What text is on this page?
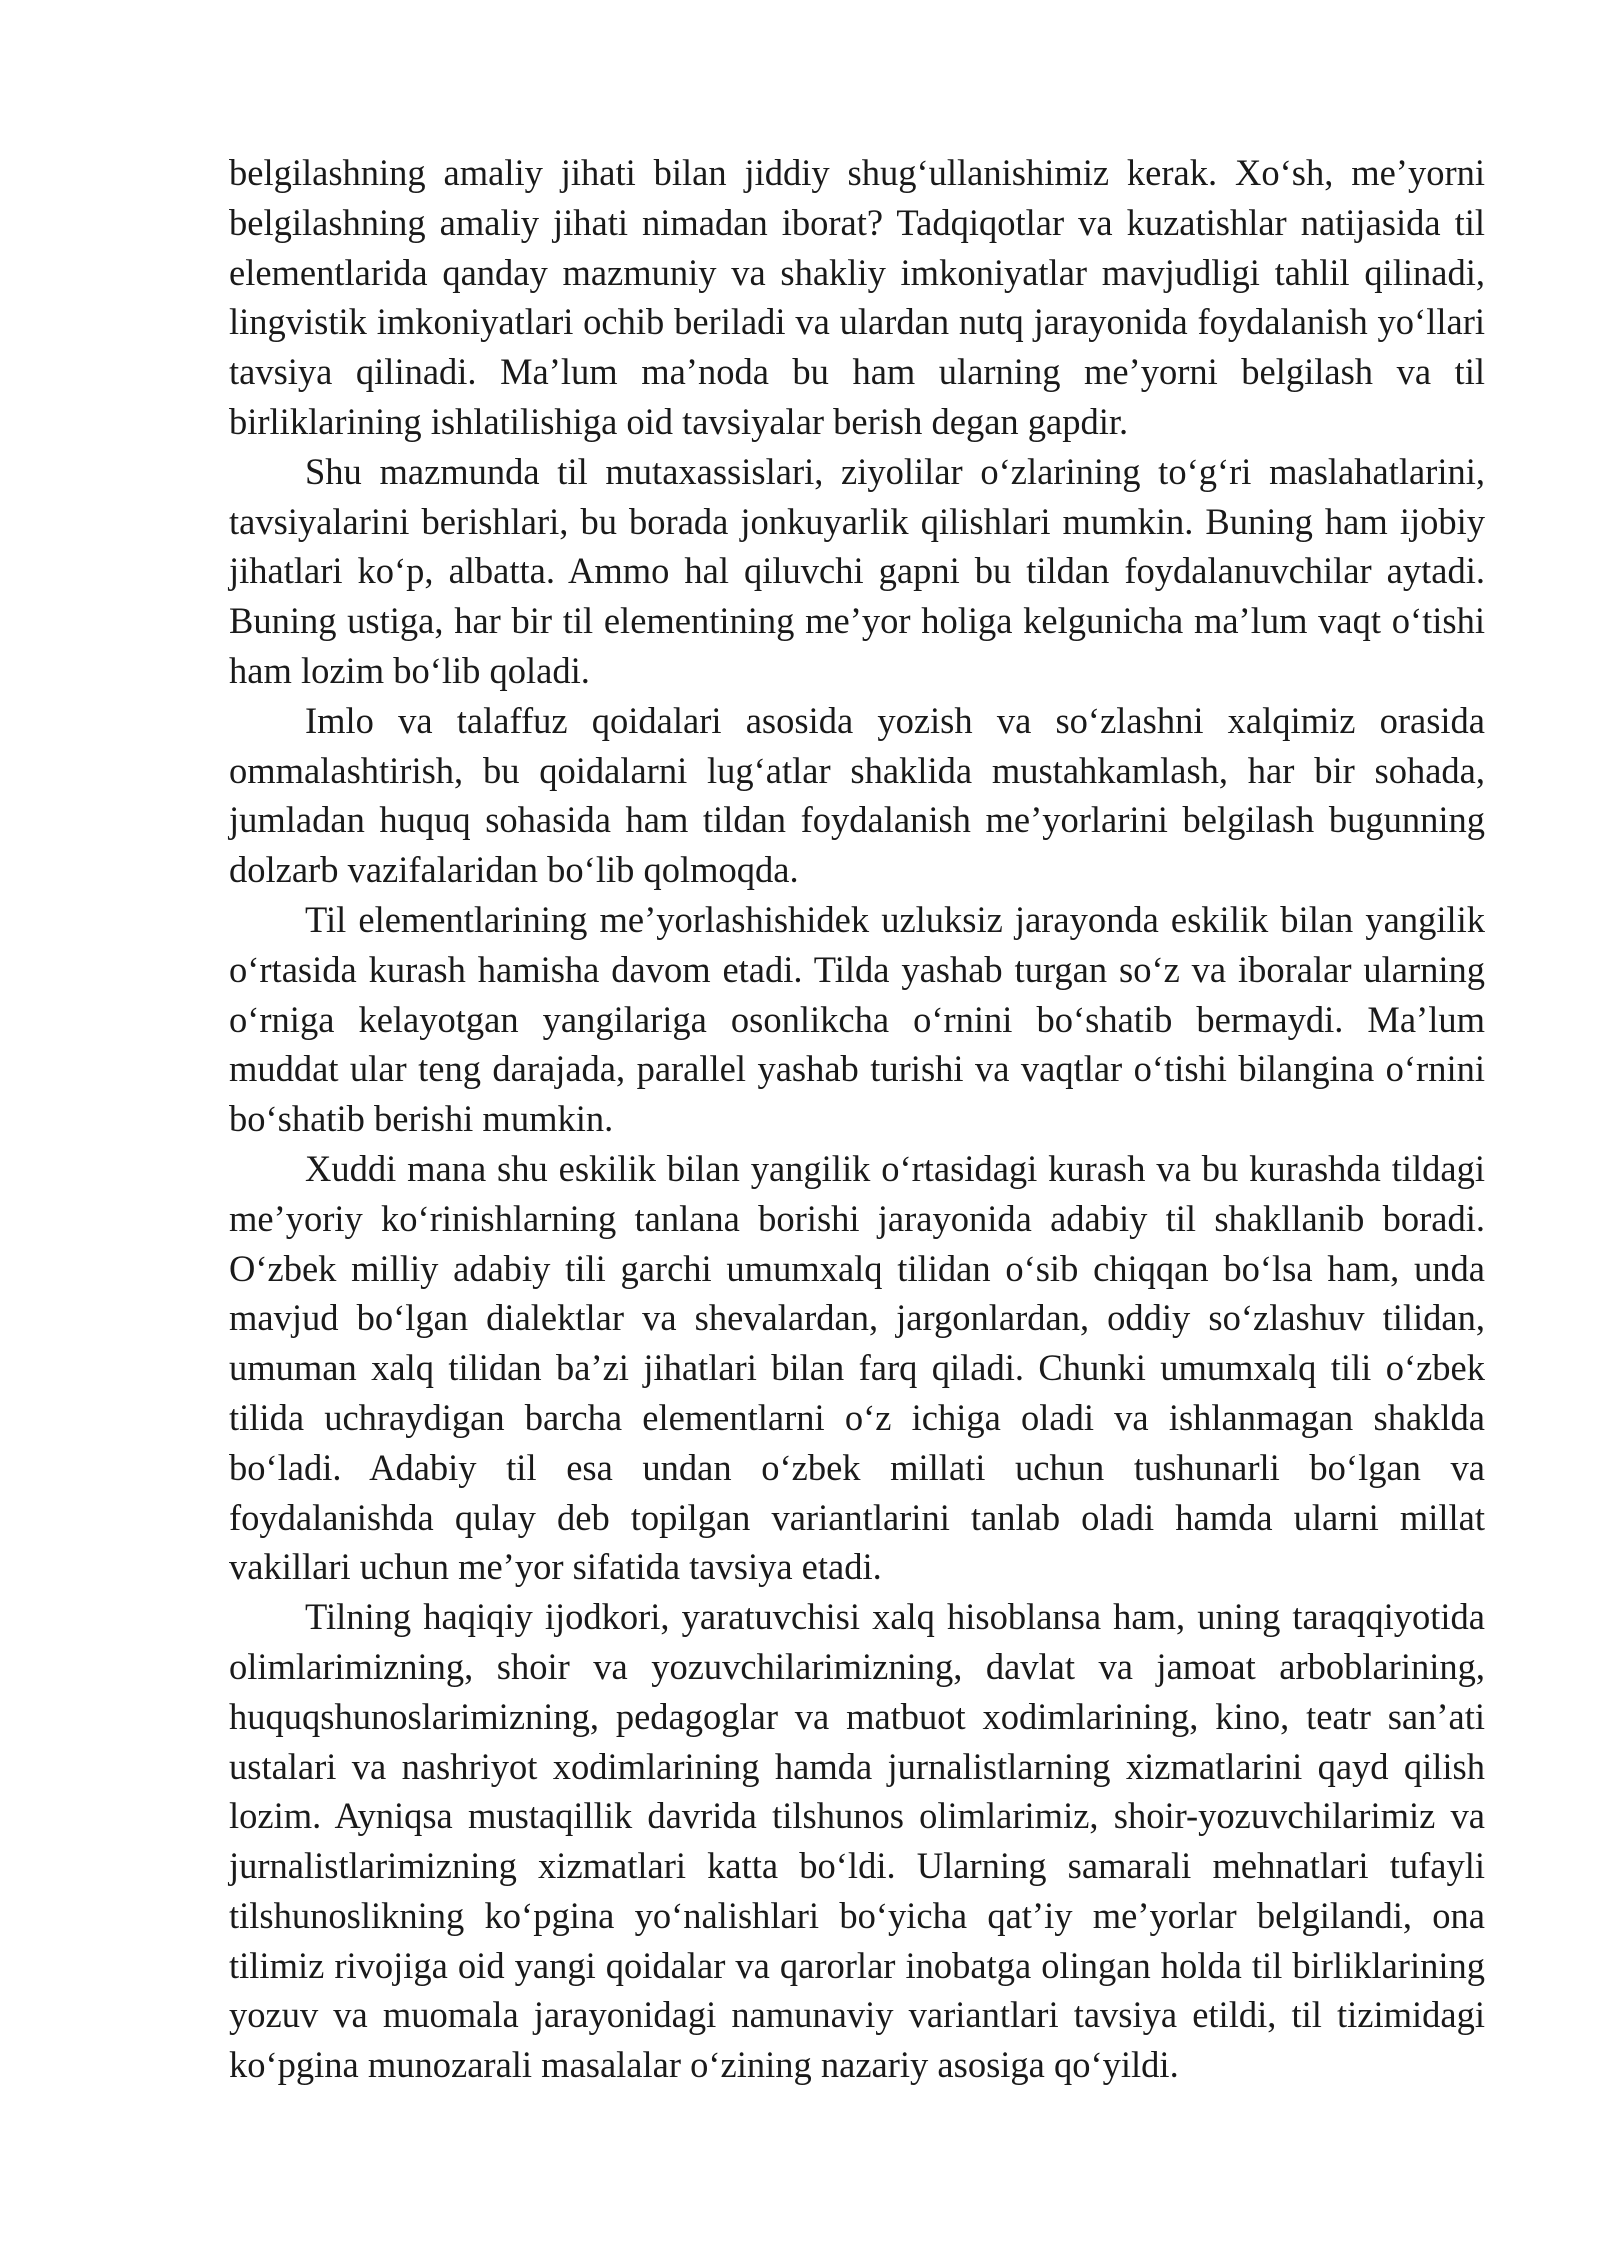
belgilashning amaliy jihati bilan jiddiy shug‘ullanishimiz kerak. Xo‘sh, me’yorni belgilashning amaliy jihati nimadan iborat? Tadqiqotlar va kuzatishlar natijasida til elementlarida qanday mazmuniy va shakliy imkoniyatlar mavjudligi tahlil qilinadi, lingvistik imkoniyatlari ochib beriladi va ulardan nutq jarayonida foydalanish yo‘llari tavsiya qilinadi. Ma’lum ma’noda bu ham ularning me’yorni belgilash va til birliklarining ishlatilishiga oid tavsiyalar berish degan gapdir.

Shu mazmunda til mutaxassislari, ziyolilar o‘zlarining to‘g‘ri maslahatlarini, tavsiyalarini berishlari, bu borada jonkuyarlik qilishlari mumkin. Buning ham ijobiy jihatlari ko‘p, albatta. Ammo hal qiluvchi gapni bu tildan foydalanuvchilar aytadi. Buning ustiga, har bir til elementining me’yor holiga kelgunicha ma’lum vaqt o‘tishi ham lozim bo‘lib qoladi.

Imlo va talaffuz qoidalari asosida yozish va so‘zlashni xalqimiz orasida ommalashtirish, bu qoidalarni lug‘atlar shaklida mustahkamlash, har bir sohada, jumladan huquq sohasida ham tildan foydalanish me’yorlarini belgilash bugunning dolzarb vazifalaridan bo‘lib qolmoqda.

Til elementlarining me’yorlashishidek uzluksiz jarayonda eskilik bilan yangilik o‘rtasida kurash hamisha davom etadi. Tilda yashab turgan so‘z va iboralar ularning o‘rniga kelayotgan yangilariga osonlikcha o‘rnini bo‘shatib bermaydi. Ma’lum muddat ular teng darajada, parallel yashab turishi va vaqtlar o‘tishi bilangina o‘rnini bo‘shatib berishi mumkin.

Xuddi mana shu eskilik bilan yangilik o‘rtasidagi kurash va bu kurashda tildagi me’yoriy ko‘rinishlarning tanlana borishi jarayonida adabiy til shakllanib boradi. O‘zbek milliy adabiy tili garchi umumxalq tilidan o‘sib chiqqan bo‘lsa ham, unda mavjud bo‘lgan dialektlar va shevalardan, jargonlardan, oddiy so‘zlashuv tilidan, umuman xalq tilidan ba’zi jihatlari bilan farq qiladi. Chunki umumxalq tili o‘zbek tilida uchraydigan barcha elementlarni o‘z ichiga oladi va ishlanmagan shaklda bo‘ladi. Adabiy til esa undan o‘zbek millati uchun tushunarli bo‘lgan va foydalanishda qulay deb topilgan variantlarini tanlab oladi hamda ularni millat vakillari uchun me’yor sifatida tavsiya etadi.

Tilning haqiqiy ijodkori, yaratuvchisi xalq hisoblansa ham, uning taraqqiyotida olimlarimizning, shoir va yozuvchilarimizning, davlat va jamoat arboblarining, huquqshunoslarimizning, pedagoglar va matbuot xodimlarining, kino, teatr san’ati ustalari va nashriyot xodimlarining hamda jurnalistlarning xizmatlarini qayd qilish lozim. Ayniqsa mustaqillik davrida tilshunos olimlarimiz, shoir-yozuvchilarimiz va jurnalistlarimizning xizmatlari katta bo‘ldi. Ularning samarali mehnatlari tufayli tilshunoslikning ko‘pgina yo‘nalishlari bo‘yicha qat’iy me’yorlar belgilandi, ona tilimiz rivojiga oid yangi qoidalar va qarorlar inobatga olingan holda til birliklarining yozuv va muomala jarayonidagi namunaviy variantlari tavsiya etildi, til tizimidagi ko‘pgina munozarali masalalar o‘zining nazariy asosiga qo‘yildi.
